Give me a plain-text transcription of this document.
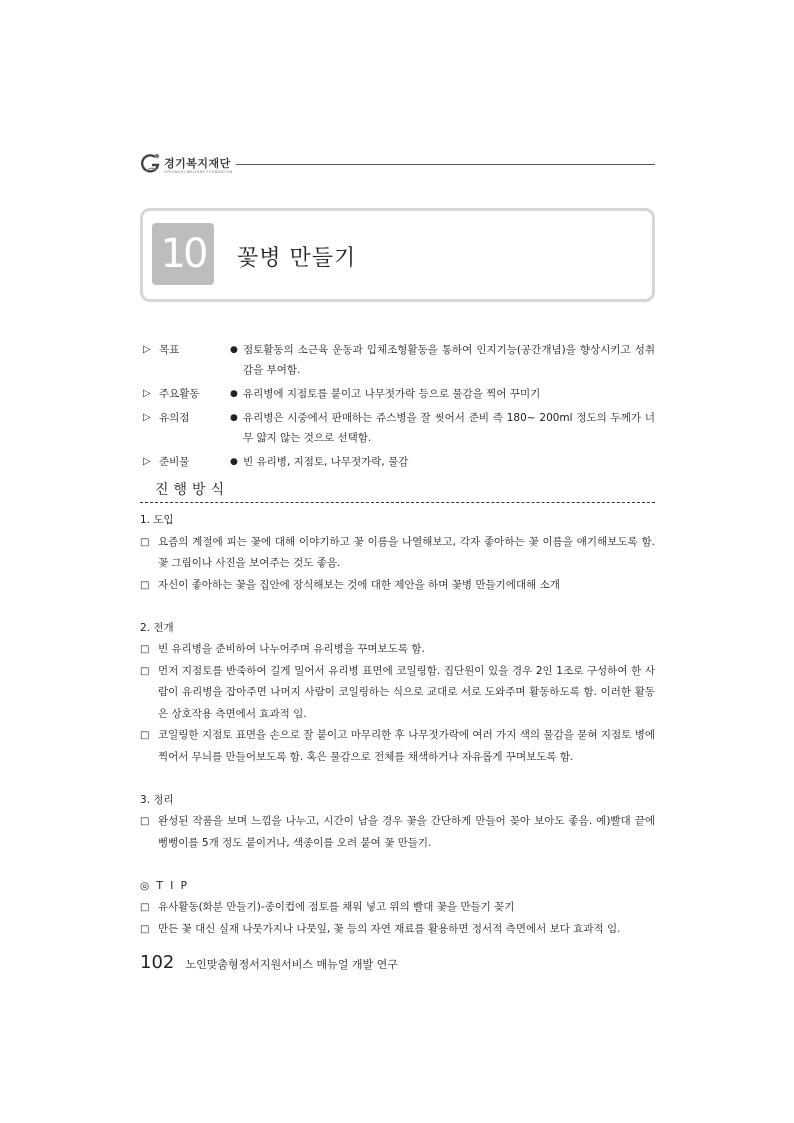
경기복지재단
GYEONGGI WELFARE FOUNDATION
10	꽃병 만들기
▷ 목표	● 점토활동의 소근육 운동과 입체조형활동을 통하여 인지기능(공간개념)을 향상시키고 성취감을 부여함.
▷ 주요활동	● 유리병에 지점토를 붙이고 나무젓가락 등으로 물감을 찍어 꾸미기
▷ 유의점	● 유리병은 시중에서 판매하는 쥬스병을 잘 씻어서 준비 즉 180~ 200ml 정도의 두께가 너무 얇지 않는 것으로 선택함.
▷ 준비물	● 빈 유리병, 지점토, 나무젓가락, 물감
진행방식
1. 도입
□ 요즘의 계절에 피는 꽃에 대해 이야기하고 꽃 이름을 나열해보고, 각자 좋아하는 꽃 이름을 얘기해보도록 함. 꽃 그림이나 사진을 보여주는 것도 좋음.
□ 자신이 좋아하는 꽃을 집안에 장식해보는 것에 대한 제안을 하며 꽃병 만들기에대해 소개
2. 전개
□ 빈 유리병을 준비하여 나누어주며 유리병을 꾸며보도록 함.
□ 먼저 지점토를 반죽하여 길게 밀어서 유리병 표면에 코일링함. 집단원이 있을 경우 2인 1조로 구성하여 한 사람이 유리병을 잡아주면 나머지 사람이 코일링하는 식으로 교대로 서로 도와주며 활동하도록 함. 이러한 활동은 상호작용 측면에서 효과적 임.
□ 코일링한 지점토 표면을 손으로 잘 붙이고 마무리한 후 나무젓가락에 여러 가지 색의 물감을 묻혀 지점토 병에 찍어서 무늬를 만들어보도록 함. 혹은 물감으로 전체를 채색하거나 자유롭게 꾸며보도록 함.
3. 정리
□ 완성된 작품을 보며 느낌을 나누고, 시간이 남을 경우 꽃을 간단하게 만들어 꽂아 보아도 좋음. 예)빨대 끝에 뻥뻥이를 5개 정도 붙이거나, 색종이를 오려 붙여 꽃 만들기.
◎ T I P
□ 유사활동(화분 만들기)-종이컵에 점토를 채워 넣고 위의 빨대 꽃을 만들기 꽂기
□ 만든 꽃 대신 실재 나뭇가지나 나뭇잎, 꽃 등의 자연 재료를 활용하면 정서적 측면에서 보다 효과적 임.
102 노인맞춤형정서지원서비스 매뉴얼 개발 연구
